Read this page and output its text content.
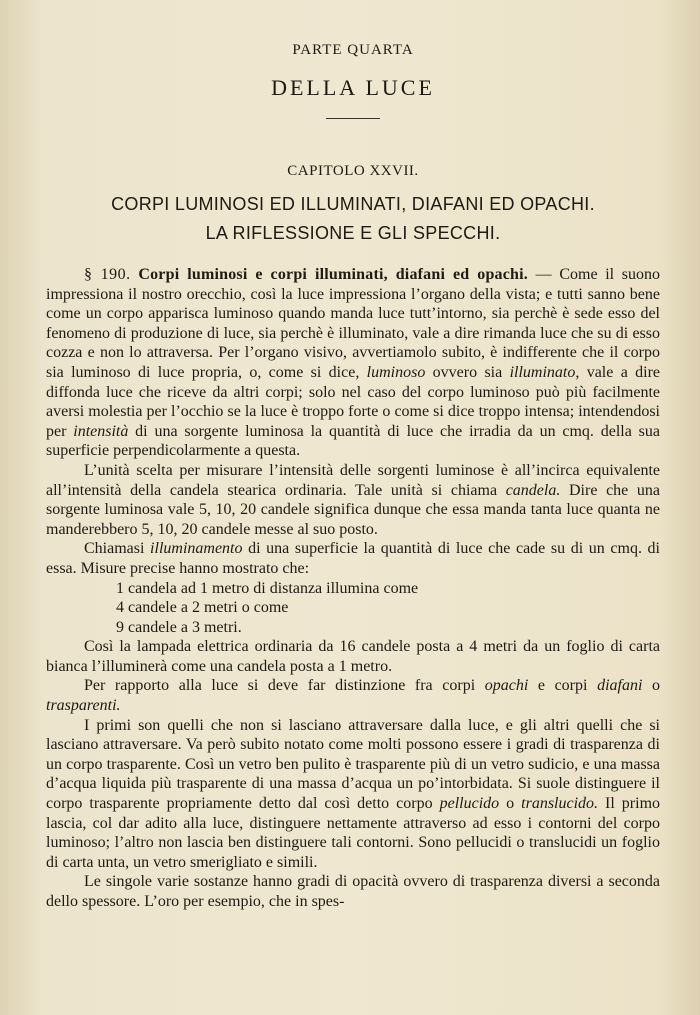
PARTE QUARTA
DELLA LUCE
CAPITOLO XXVII.
CORPI LUMINOSI ED ILLUMINATI, DIAFANI ED OPACHI.
LA RIFLESSIONE E GLI SPECCHI.

§ 190. Corpi luminosi e corpi illuminati, diafani ed opachi. — Come il suono impressiona il nostro orecchio, così la luce impressiona l’organo della vista; e tutti sanno bene come un corpo apparisca luminoso quando manda luce tutt’intorno, sia perchè è sede esso del fenomeno di produzione di luce, sia perchè è illuminato, vale a dire rimanda luce che su di esso cozza e non lo attraversa. Per l’organo visivo, avvertiamolo subito, è indifferente che il corpo sia luminoso di luce propria, o, come si dice, luminoso ovvero sia illuminato, vale a dire diffonda luce che riceve da altri corpi; solo nel caso del corpo luminoso può più facilmente aversi molestia per l’occhio se la luce è troppo forte o come si dice troppo intensa; intendendosi per intensità di una sorgente luminosa la quantità di luce che irradia da un cmq. della sua superficie perpendicolarmente a questa.

L’unità scelta per misurare l’intensità delle sorgenti luminose è all’incirca equivalente all’intensità della candela stearica ordinaria. Tale unità si chiama candela. Dire che una sorgente luminosa vale 5, 10, 20 candele significa dunque che essa manda tanta luce quanta ne manderebbero 5, 10, 20 candele messe al suo posto.

Chiamasi illuminamento di una superficie la quantità di luce che cade su di un cmq. di essa. Misure precise hanno mostrato che:

1 candela ad 1 metro di distanza illumina come

4 candele a 2 metri o come

9 candele a 3 metri.

Così la lampada elettrica ordinaria da 16 candele posta a 4 metri da un foglio di carta bianca l’illuminerà come una candela posta a 1 metro.

Per rapporto alla luce si deve far distinzione fra corpi opachi e corpi diafani o trasparenti.

I primi son quelli che non si lasciano attraversare dalla luce, e gli altri quelli che si lasciano attraversare. Va però subito notato come molti possono essere i gradi di trasparenza di un corpo trasparente. Così un vetro ben pulito è trasparente più di un vetro sudicio, e una massa d’acqua liquida più trasparente di una massa d’acqua un po’intorbidata. Si suole distinguere il corpo trasparente propriamente detto dal così detto corpo pellucido o translucido. Il primo lascia, col dar adito alla luce, distinguere nettamente attraverso ad esso i contorni del corpo luminoso; l’altro non lascia ben distinguere tali contorni. Sono pellucidi o translucidi un foglio di carta unta, un vetro smerigliato e simili.

Le singole varie sostanze hanno gradi di opacità ovvero di trasparenza diversi a seconda dello spessore. L’oro per esempio, che in spes-
